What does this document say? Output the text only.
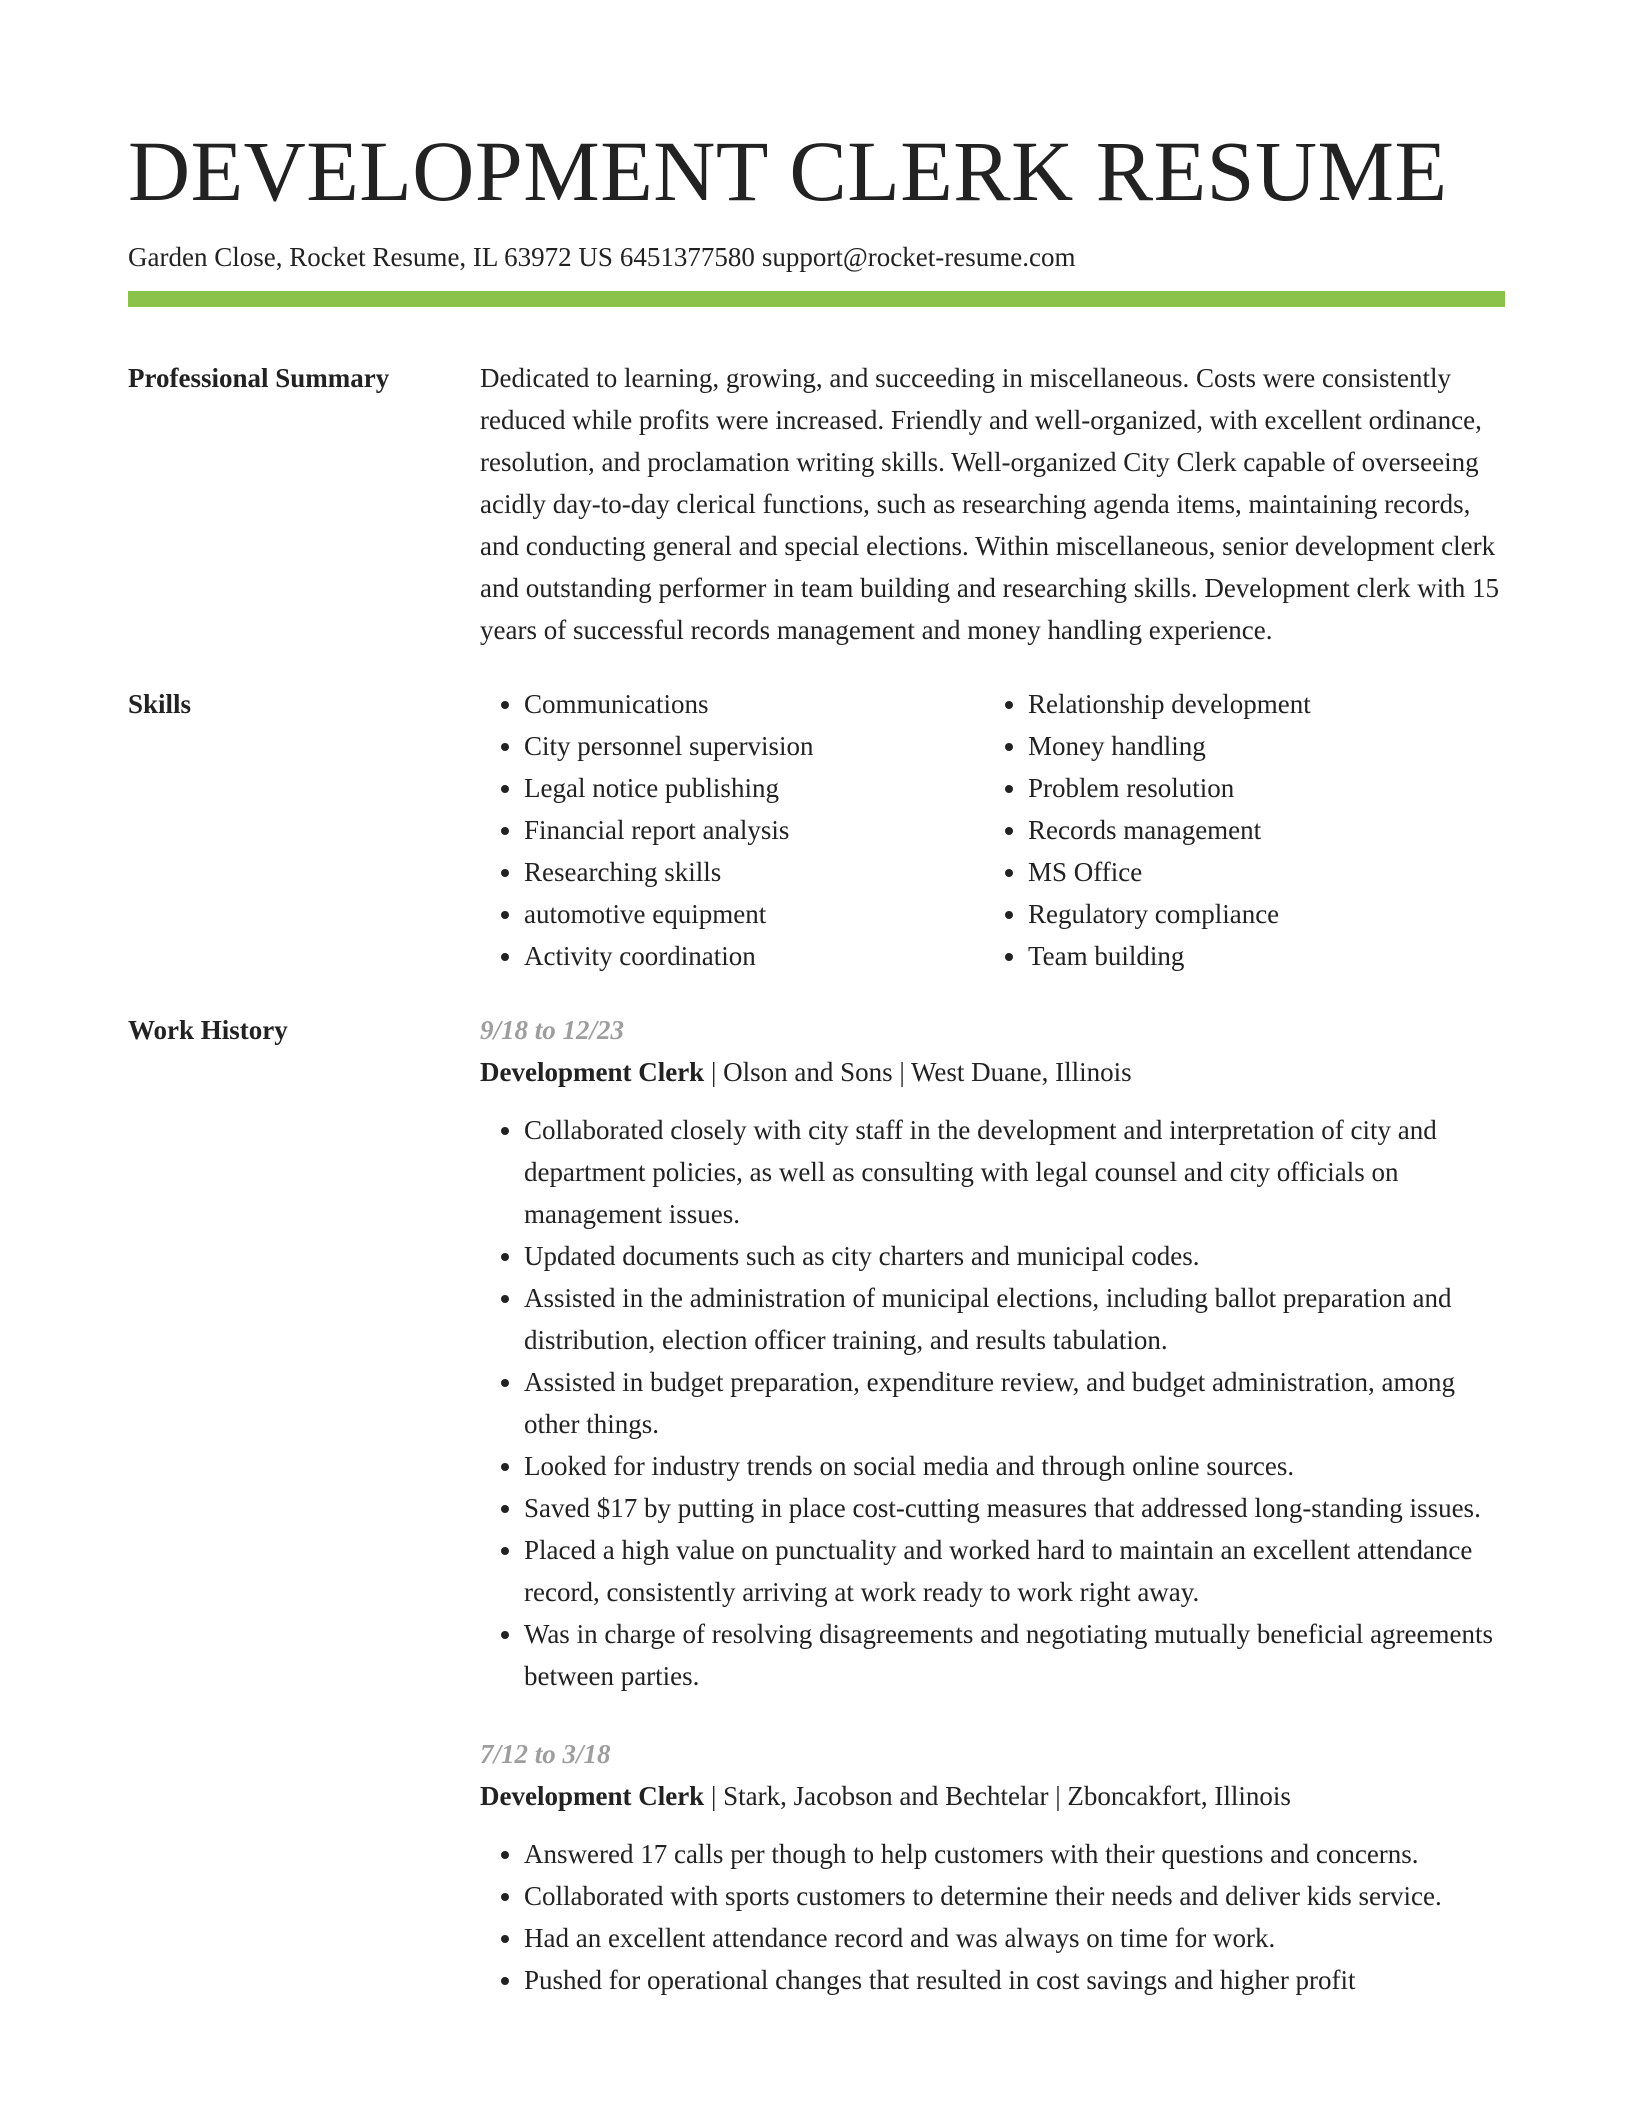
DEVELOPMENT CLERK RESUME
Garden Close, Rocket Resume, IL 63972 US 6451377580 support@rocket-resume.com
Professional Summary	Dedicated to learning, growing, and succeeding in miscellaneous. Costs were consistently reduced while profits were increased. Friendly and well-organized, with excellent ordinance, resolution, and proclamation writing skills. Well-organized City Clerk capable of overseeing acidly day-to-day clerical functions, such as researching agenda items, maintaining records, and conducting general and special elections. Within miscellaneous, senior development clerk and outstanding performer in team building and researching skills. Development clerk with 15 years of successful records management and money handling experience.

Skills
•	Communications
• City personnel supervision
• Legal notice publishing
• Financial report analysis
• Researching skills
• automotive equipment
• Activity coordination
• Relationship development
• Money handling
• Problem resolution
• Records management
• MS Office
• Regulatory compliance
• Team building
Work History	9/18 to 12/23
Development Clerk | Olson and Sons | West Duane, Illinois
• Collaborated closely with city staff in the development and interpretation of city and department policies, as well as consulting with legal counsel and city officials on management issues.
• Updated documents such as city charters and municipal codes.
• Assisted in the administration of municipal elections, including ballot preparation and distribution, election officer training, and results tabulation.
• Assisted in budget preparation, expenditure review, and budget administration, among other things.
• Looked for industry trends on social media and through online sources.
• Saved $17 by putting in place cost-cutting measures that addressed long-standing issues.
• Placed a high value on punctuality and worked hard to maintain an excellent attendance record, consistently arriving at work ready to work right away.
• Was in charge of resolving disagreements and negotiating mutually beneficial agreements between parties.
7/12 to 3/18
Development Clerk | Stark, Jacobson and Bechtelar | Zboncakfort, Illinois
• Answered 17 calls per though to help customers with their questions and concerns.
• Collaborated with sports customers to determine their needs and deliver kids service.
• Had an excellent attendance record and was always on time for work.
• Pushed for operational changes that resulted in cost savings and higher profit
